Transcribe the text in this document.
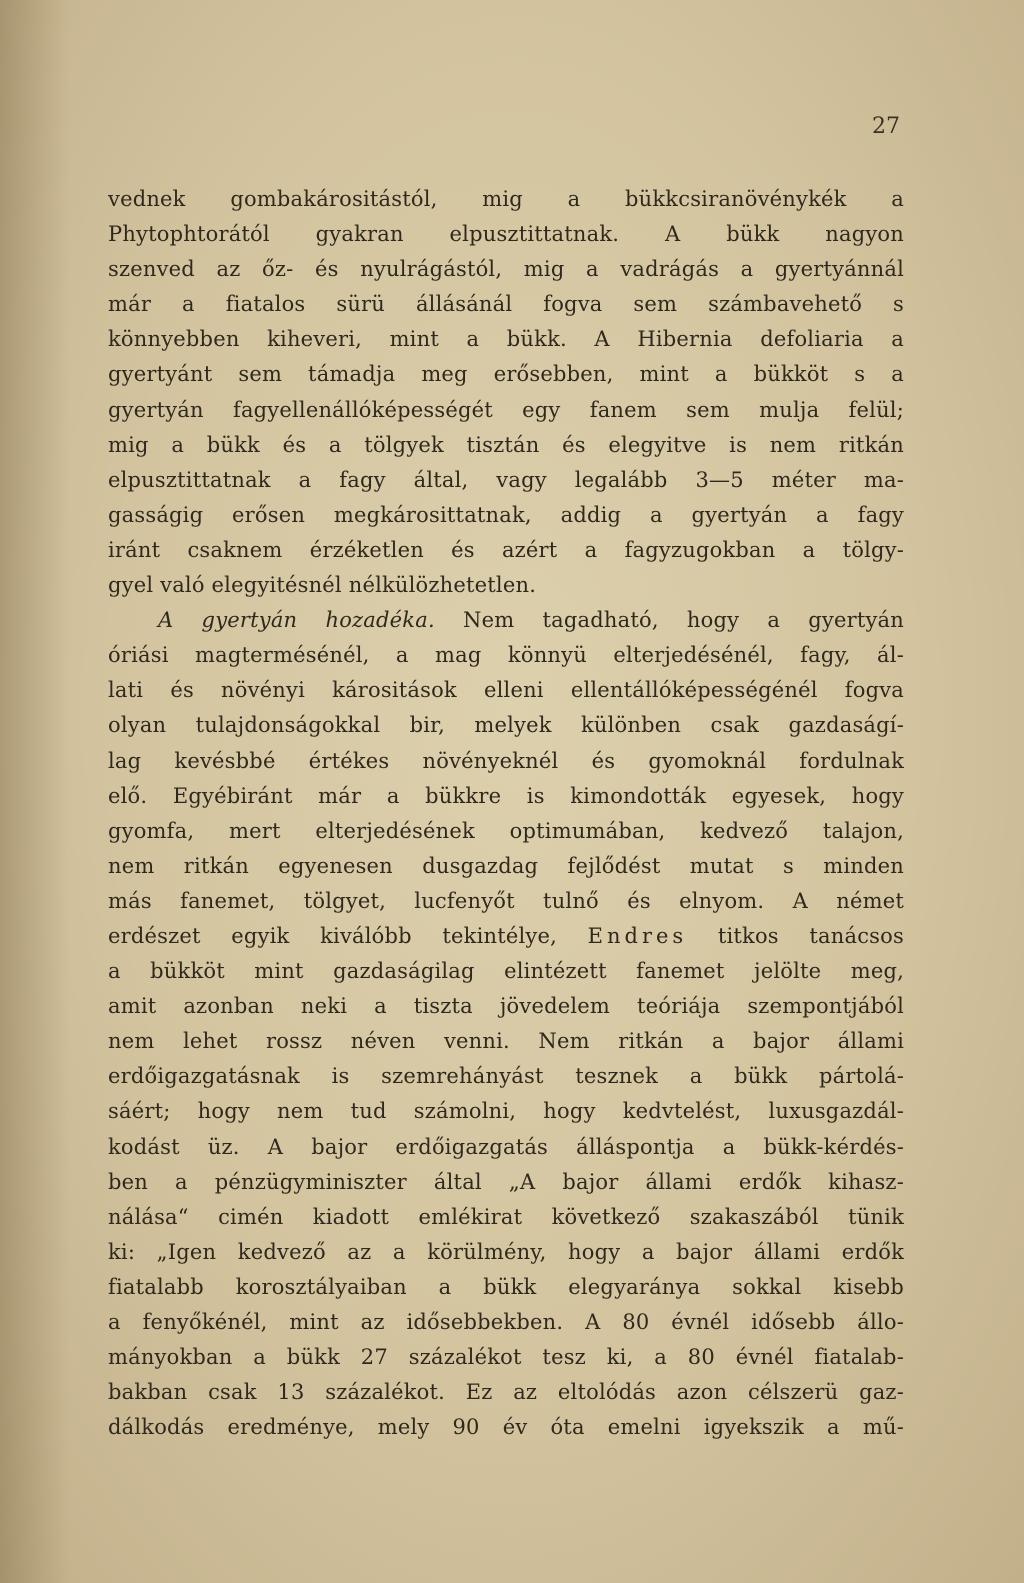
27
vednek gombakárositástól, mig a bükkcsiranövénykék a
Phytophtorától gyakran elpusztittatnak. A bükk nagyon
szenved az őz- és nyulrágástól, mig a vadrágás a gyertyánnál
már a fiatalos sürü állásánál fogva sem számbavehető s
könnyebben kiheveri, mint a bükk. A Hibernia defoliaria a
gyertyánt sem támadja meg erősebben, mint a bükköt s a
gyertyán fagyellenállóképességét egy fanem sem mulja felül;
mig a bükk és a tölgyek tisztán és elegyitve is nem ritkán
elpusztittatnak a fagy által, vagy legalább 3—5 méter ma-
gasságig erősen megkárosittatnak, addig a gyertyán a fagy
iránt csaknem érzéketlen és azért a fagyzugokban a tölgy-
gyel való elegyitésnél nélkülözhetetlen.
A gyertyán hozadéka. Nem tagadható, hogy a gyertyán
óriási magtermésénél, a mag könnyü elterjedésénél, fagy, ál-
lati és növényi kárositások elleni ellentállóképességénél fogva
olyan tulajdonságokkal bir, melyek különben csak gazdaságí-
lag kevésbbé értékes növényeknél és gyomoknál fordulnak
elő. Egyébiránt már a bükkre is kimondották egyesek, hogy
gyomfa, mert elterjedésének optimumában, kedvező talajon,
nem ritkán egyenesen dusgazdag fejlődést mutat s minden
más fanemet, tölgyet, lucfenyőt tulnő és elnyom. A német
erdészet egyik kiválóbb tekintélye, Endres titkos tanácsos
a bükköt mint gazdaságilag elintézett fanemet jelölte meg,
amit azonban neki a tiszta jövedelem teóriája szempontjából
nem lehet rossz néven venni. Nem ritkán a bajor állami
erdőigazgatásnak is szemrehányást tesznek a bükk pártolá-
sáért; hogy nem tud számolni, hogy kedvtelést, luxusgazdál-
kodást üz. A bajor erdőigazgatás álláspontja a bükk-kérdés-
ben a pénzügyminiszter által „A bajor állami erdők kihasz-
nálása“ cimén kiadott emlékirat következő szakaszából tünik
ki: „Igen kedvező az a körülmény, hogy a bajor állami erdők
fiatalabb korosztályaiban a bükk elegyaránya sokkal kisebb
a fenyőkénél, mint az idősebbekben. A 80 évnél idősebb állo-
mányokban a bükk 27 százalékot tesz ki, a 80 évnél fiatalab-
bakban csak 13 százalékot. Ez az eltolódás azon célszerü gaz-
dálkodás eredménye, mely 90 év óta emelni igyekszik a mű-
